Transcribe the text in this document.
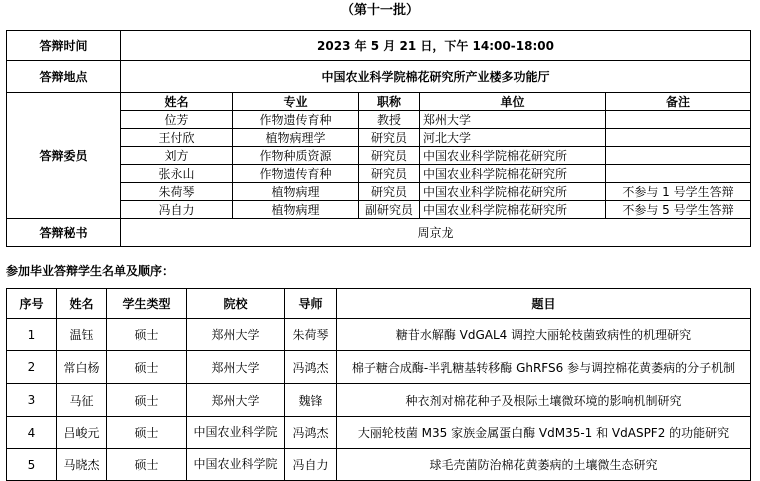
（第十一批）
答辩时间	2023 年 5 月 21 日，下午 14:00-18:00				
答辩地点	中国农业科学院棉花研究所产业楼多功能厅				
答辩委员	姓名	专业	职称	单位	备注
	位芳	作物遗传育种	教授	郑州大学	
	王付欣	植物病理学	研究员	河北大学	
	刘方	作物种质资源	研究员	中国农业科学院棉花研究所	
	张永山	作物遗传育种	研究员	中国农业科学院棉花研究所	
	朱荷琴	植物病理	研究员	中国农业科学院棉花研究所	不参与 1 号学生答辩
	冯自力	植物病理	副研究员	中国农业科学院棉花研究所	不参与 5 号学生答辩
答辩秘书	周京龙				
参加毕业答辩学生名单及顺序：
序号	姓名	学生类型	院校	导师	题目
1	温钰	硕士	郑州大学	朱荷琴	糖苷水解酶 VdGAL4 调控大丽轮枝菌致病性的机理研究
2	常白杨	硕士	郑州大学	冯鸿杰	棉子糖合成酶-半乳糖基转移酶 GhRFS6 参与调控棉花黄萎病的分子机制
3	马征	硕士	郑州大学	魏锋	种衣剂对棉花种子及根际土壤微环境的影响机制研究
4	吕峻元	硕士	中国农业科学院	冯鸿杰	大丽轮枝菌 M35 家族金属蛋白酶 VdM35-1 和 VdASPF2 的功能研究
5	马晓杰	硕士	中国农业科学院	冯自力	球毛壳菌防治棉花黄萎病的土壤微生态研究
